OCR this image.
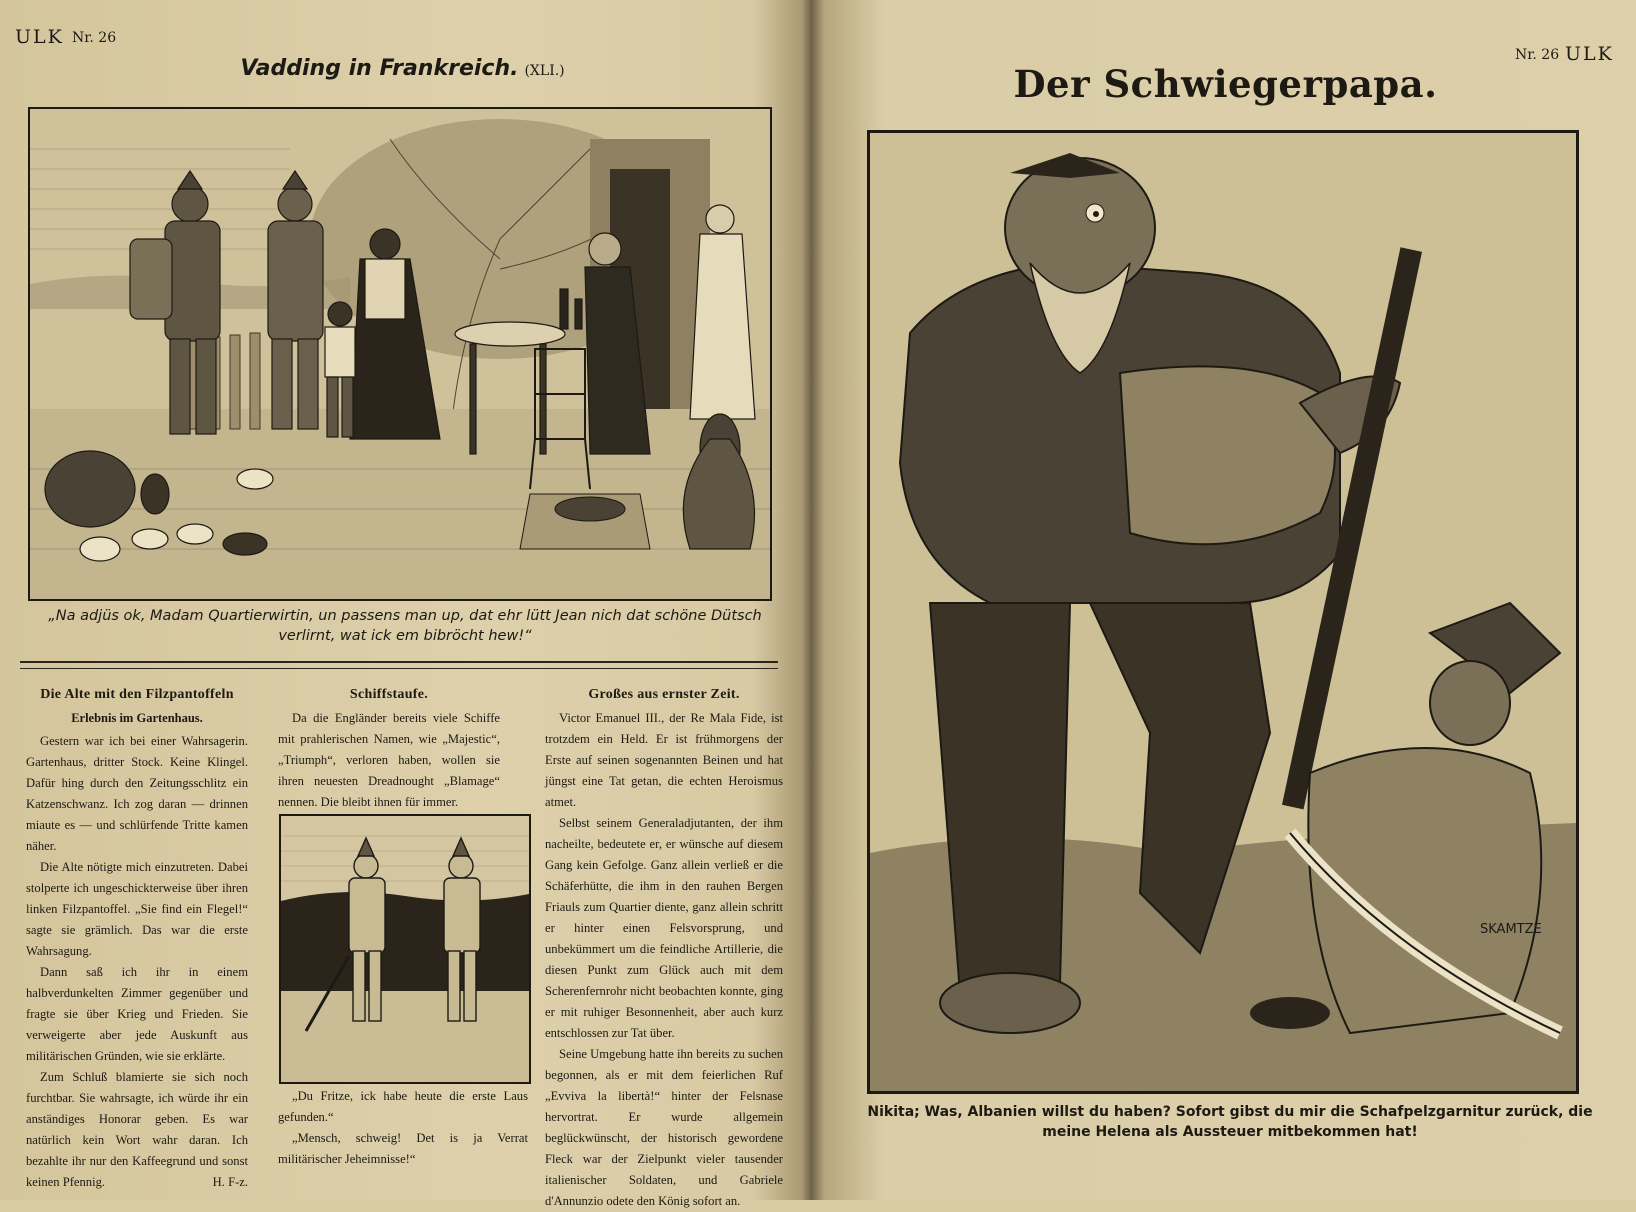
ULK Nr. 26
Vadding in Frankreich. (XLI.)
„Na adjüs ok, Madam Quartierwirtin, un passens man up, dat ehr lütt Jean nich dat schöne Dütsch verlirnt, wat ick em bibröcht hew!“

Die Alte mit den Filzpantoffeln

Erlebnis im Gartenhaus.

Gestern war ich bei einer Wahrsagerin. Gartenhaus, dritter Stock. Keine Klingel. Dafür hing durch den Zeitungsschlitz ein Katzenschwanz. Ich zog daran — drinnen miaute es — und schlürfende Tritte kamen näher.

Die Alte nötigte mich einzutreten. Dabei stolperte ich ungeschickterweise über ihren linken Filzpantoffel. „Sie find ein Flegel!“ sagte sie grämlich. Das war die erste Wahrsagung.

Dann saß ich ihr in einem halbverdunkelten Zimmer gegenüber und fragte sie über Krieg und Frieden. Sie verweigerte aber jede Auskunft aus militärischen Gründen, wie sie erklärte.

Zum Schluß blamierte sie sich noch furchtbar. Sie wahrsagte, ich würde ihr ein anständiges Honorar geben. Es war natürlich kein Wort wahr daran. Ich bezahlte ihr nur den Kaffeegrund und sonst keinen Pfennig.	H. F-z.

Schiffstaufe.

Da die Engländer bereits viele Schiffe mit prahlerischen Namen, wie „Majestic“, „Triumph“, verloren haben, wollen sie ihren neuesten Dreadnought „Blamage“ nennen. Die bleibt ihnen für immer.

„Du Fritze, ick habe heute die erste Laus gefunden.“

„Mensch, schweig! Det is ja Verrat militärischer Jeheimnisse!“

Großes aus ernster Zeit.

Victor Emanuel III., der Re Mala Fide, ist trotzdem ein Held. Er ist frühmorgens der Erste auf seinen sogenannten Beinen und hat jüngst eine Tat getan, die echten Heroismus atmet.

Selbst seinem Generaladjutanten, der ihm nacheilte, bedeutete er, er wünsche auf diesem Gang kein Gefolge. Ganz allein verließ er die Schäferhütte, die ihm in den rauhen Bergen Friauls zum Quartier diente, ganz allein schritt er hinter einen Felsvorsprung, und unbekümmert um die feindliche Artillerie, die diesen Punkt zum Glück auch mit dem Scherenfernrohr nicht beobachten konnte, ging er mit ruhiger Besonnenheit, aber auch kurz entschlossen zur Tat über.

Seine Umgebung hatte ihn bereits zu suchen begonnen, als er mit dem feierlichen Ruf „Evviva la libertà!“ hinter der Felsnase hervortrat. Er wurde allgemein beglückwünscht, der historisch gewordene Fleck war der Zielpunkt vieler tausender italienischer Soldaten, und Gabriele d'Annunzio odete den König sofort an.

Nr. 26 ULK
Der Schwiegerpapa.
SKAMTZE
Nikita; Was, Albanien willst du haben? Sofort gibst du mir die Schafpelzgarnitur zurück, die meine Helena als Aussteuer mitbekommen hat!
